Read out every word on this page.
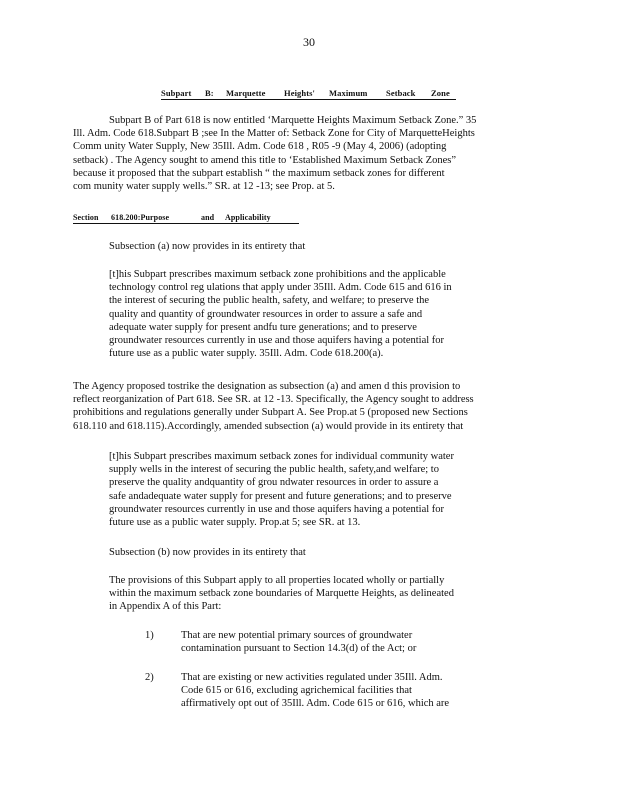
30
Subpart B: Marquette Heights' Maximum Setback Zone
Subpart B of Part 618 is now entitled ‘Marquette Heights Maximum Setback Zone.” 35
Ill. Adm. Code 618.Subpart B ;see In the Matter of: Setback Zone for City of MarquetteHeights
Comm unity Water Supply, New 35Ill. Adm. Code 618 , R05 -9 (May 4, 2006) (adopting
setback) . The Agency sought to amend this title to ‘Established Maximum Setback Zones”
because it proposed that the subpart establish “ the maximum setback zones for different
com munity water supply wells.” SR. at 12 -13; see Prop. at 5.
Section 618.200:Purpose	and Applicability
Subsection (a) now provides in its entirety that
[t]his Subpart prescribes maximum setback zone prohibitions and the applicable
technology control reg ulations that apply under 35Ill. Adm. Code 615 and 616 in
the interest of securing the public health, safety, and welfare; to preserve the
quality and quantity of groundwater resources in order to assure a safe and
adequate water supply for present andfu ture generations; and to preserve
groundwater resources currently in use and those aquifers having a potential for
future use as a public water supply. 35Ill. Adm. Code 618.200(a).
The Agency proposed tostrike the designation as subsection (a) and amen d this provision to
reflect reorganization of Part 618. See SR. at 12 -13. Specifically, the Agency sought to address
prohibitions and regulations generally under Subpart A. See Prop.at 5 (proposed new Sections
618.110 and 618.115).Accordingly, amended subsection (a) would provide in its entirety that
[t]his Subpart prescribes maximum setback zones for individual community water
supply wells in the interest of securing the public health, safety,and welfare; to
preserve the quality andquantity of grou ndwater resources in order to assure a
safe andadequate water supply for present and future generations; and to preserve
groundwater resources currently in use and those aquifers having a potential for
future use as a public water supply. Prop.at 5; see SR. at 13.
Subsection (b) now provides in its entirety that
The provisions of this Subpart apply to all properties located wholly or partially
within the maximum setback zone boundaries of Marquette Heights, as delineated
in Appendix A of this Part:
1)	That are new potential primary sources of groundwater
contamination pursuant to Section 14.3(d) of the Act; or
2)	That are existing or new activities regulated under 35Ill. Adm.
Code 615 or 616, excluding agrichemical facilities that
affirmatively opt out of 35Ill. Adm. Code 615 or 616, which are
